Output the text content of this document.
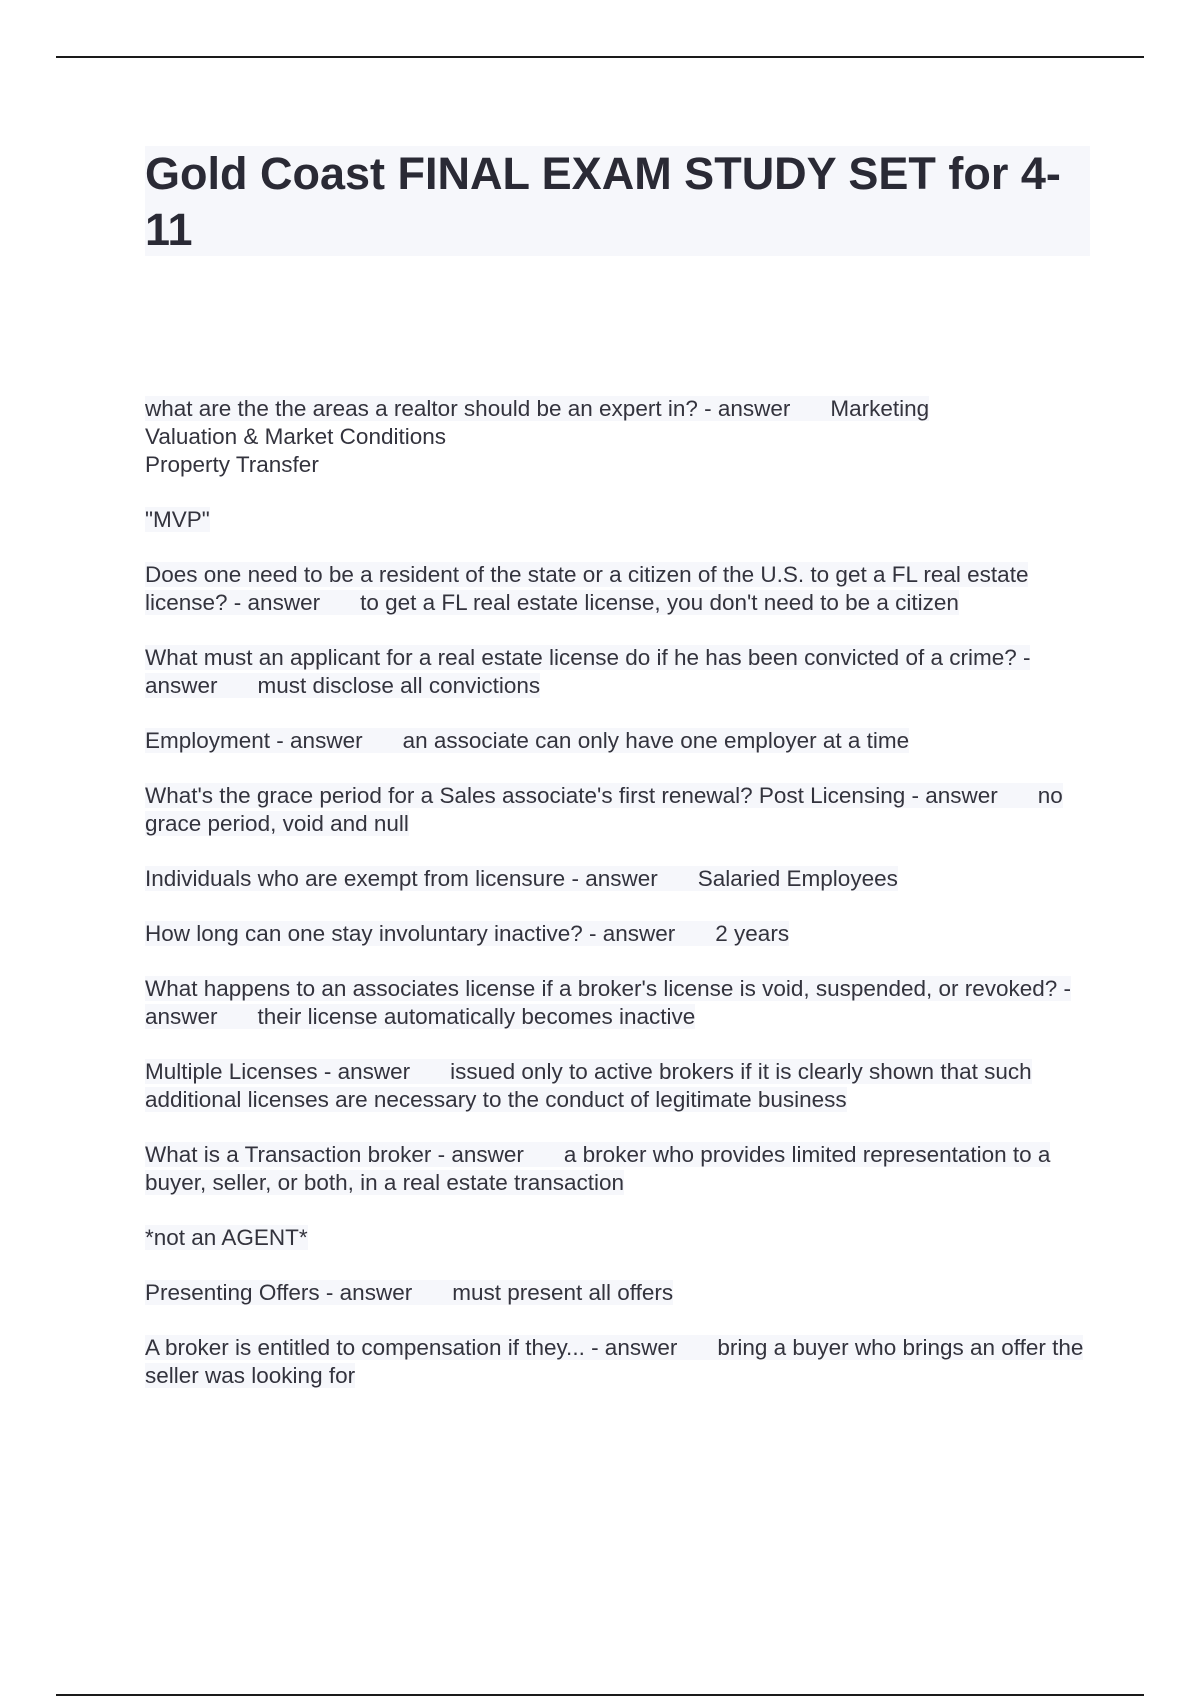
Gold Coast FINAL EXAM STUDY SET for 4-11

what are the the areas a realtor should be an expert in? - answer Marketing
Valuation & Market Conditions
Property Transfer

"MVP"

Does one need to be a resident of the state or a citizen of the U.S. to get a FL real estate license? - answer to get a FL real estate license, you don't need to be a citizen

What must an applicant for a real estate license do if he has been convicted of a crime? - answer must disclose all convictions

Employment - answer an associate can only have one employer at a time

What's the grace period for a Sales associate's first renewal? Post Licensing - answer no grace period, void and null

Individuals who are exempt from licensure - answer Salaried Employees

How long can one stay involuntary inactive? - answer 2 years

What happens to an associates license if a broker's license is void, suspended, or revoked? - answer their license automatically becomes inactive

Multiple Licenses - answer issued only to active brokers if it is clearly shown that such additional licenses are necessary to the conduct of legitimate business

What is a Transaction broker - answer a broker who provides limited representation to a buyer, seller, or both, in a real estate transaction

*not an AGENT*

Presenting Offers - answer must present all offers

A broker is entitled to compensation if they... - answer bring a buyer who brings an offer the seller was looking for
